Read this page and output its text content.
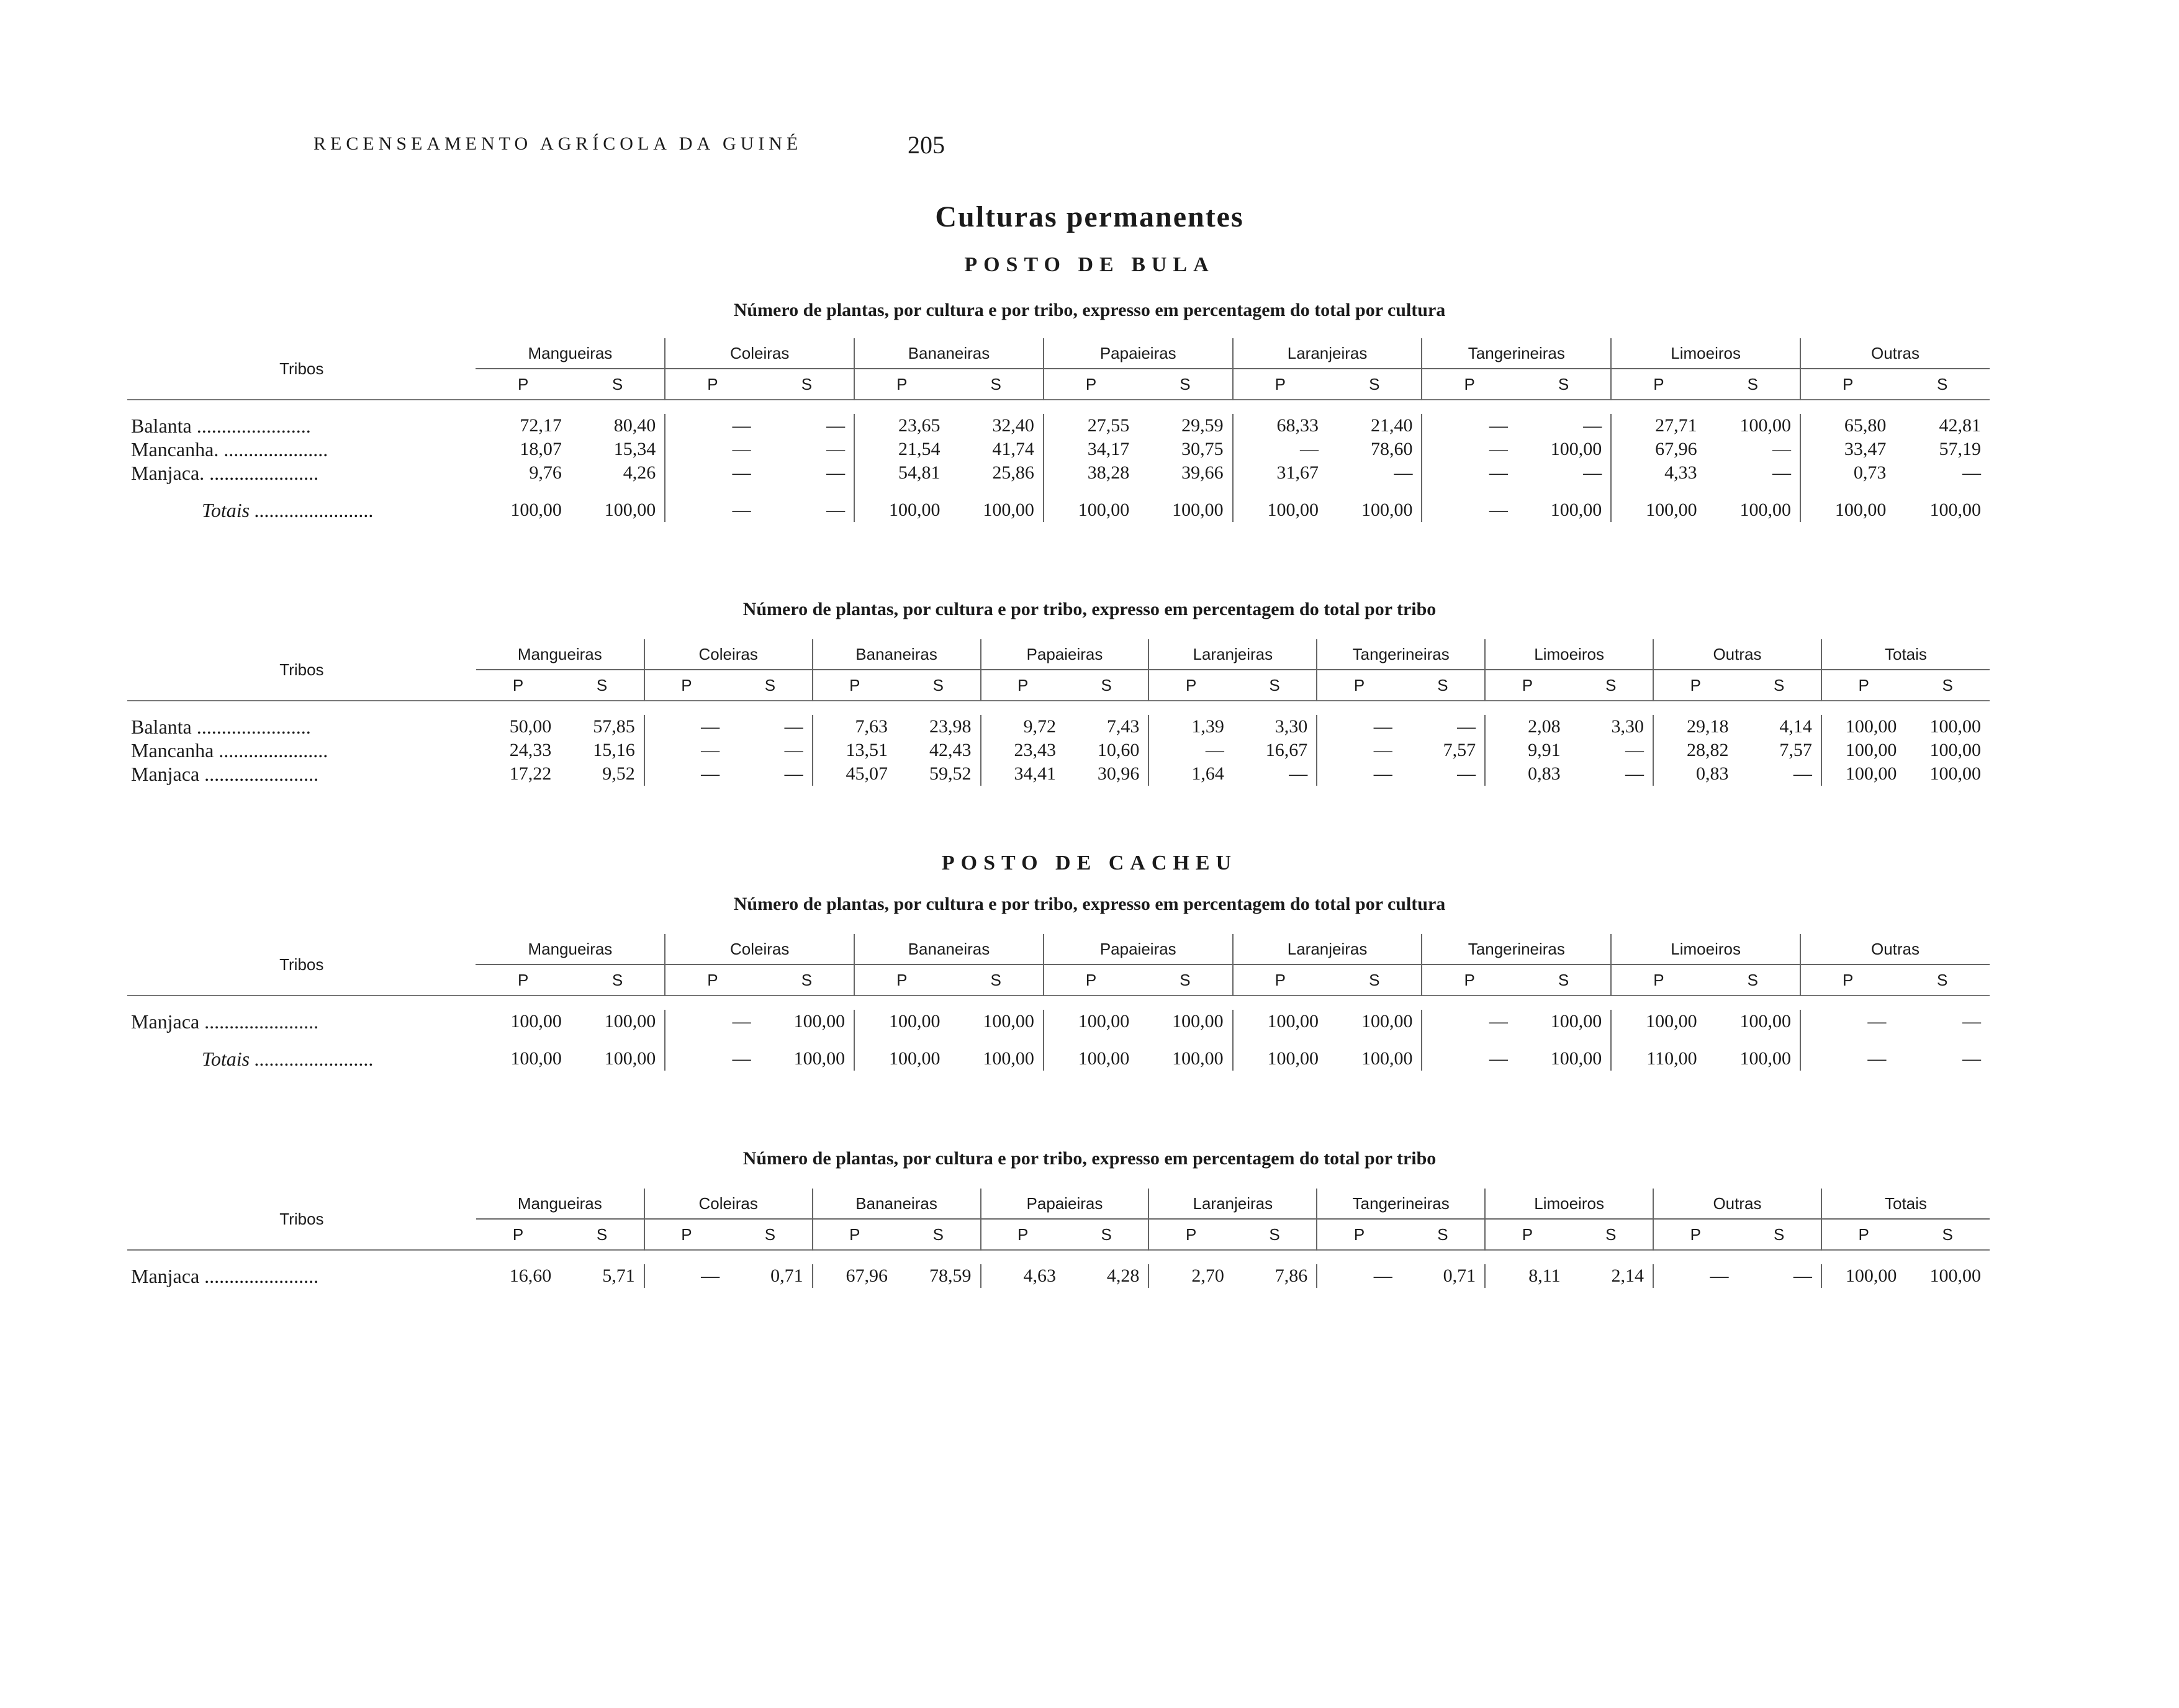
RECENSEAMENTO AGRÍCOLA DA GUINÉ	205
Culturas permanentes
POSTO DE BULA
Número de plantas, por cultura e por tribo, expresso em percentagem do total por cultura
Tribos	Mangueiras		Coleiras		Bananeiras		Papaieiras		Laranjeiras		Tangerineiras		Limoeiros		Outras	
	P	S	P	S	P	S	P	S	P	S	P	S	P	S	P	S

Balanta .......................	72,17	80,40	—	—	23,65	32,40	27,55	29,59	68,33	21,40	—	—	27,71	100,00	65,80	42,81
Mancanha. .....................	18,07	15,34	—	—	21,54	41,74	34,17	30,75	—	78,60	—	100,00	67,96	—	33,47	57,19
Manjaca. ......................	9,76	4,26	—	—	54,81	25,86	38,28	39,66	31,67	—	—	—	4,33	—	0,73	—
Totais ........................	100,00	100,00	—	—	100,00	100,00	100,00	100,00	100,00	100,00	—	100,00	100,00	100,00	100,00	100,00
Número de plantas, por cultura e por tribo, expresso em percentagem do total por tribo
Tribos	Mangueiras		Coleiras		Bananeiras		Papaieiras		Laranjeiras		Tangerineiras		Limoeiros		Outras		Totais	
	P	S	P	S	P	S	P	S	P	S	P	S	P	S	P	S	P	S

Balanta .......................	50,00	57,85	—	—	7,63	23,98	9,72	7,43	1,39	3,30	—	—	2,08	3,30	29,18	4,14	100,00	100,00
Mancanha ......................	24,33	15,16	—	—	13,51	42,43	23,43	10,60	—	16,67	—	7,57	9,91	—	28,82	7,57	100,00	100,00
Manjaca .......................	17,22	9,52	—	—	45,07	59,52	34,41	30,96	1,64	—	—	—	0,83	—	0,83	—	100,00	100,00
POSTO DE CACHEU
Número de plantas, por cultura e por tribo, expresso em percentagem do total por cultura
Tribos	Mangueiras		Coleiras		Bananeiras		Papaieiras		Laranjeiras		Tangerineiras		Limoeiros		Outras	
	P	S	P	S	P	S	P	S	P	S	P	S	P	S	P	S

Manjaca .......................	100,00	100,00	—	100,00	100,00	100,00	100,00	100,00	100,00	100,00	—	100,00	100,00	100,00	—	—
Totais ........................	100,00	100,00	—	100,00	100,00	100,00	100,00	100,00	100,00	100,00	—	100,00	110,00	100,00	—	—
Número de plantas, por cultura e por tribo, expresso em percentagem do total por tribo
Tribos	Mangueiras		Coleiras		Bananeiras		Papaieiras		Laranjeiras		Tangerineiras		Limoeiros		Outras		Totais	
	P	S	P	S	P	S	P	S	P	S	P	S	P	S	P	S	P	S

Manjaca .......................	16,60	5,71	—	0,71	67,96	78,59	4,63	4,28	2,70	7,86	—	0,71	8,11	2,14	—	—	100,00	100,00
